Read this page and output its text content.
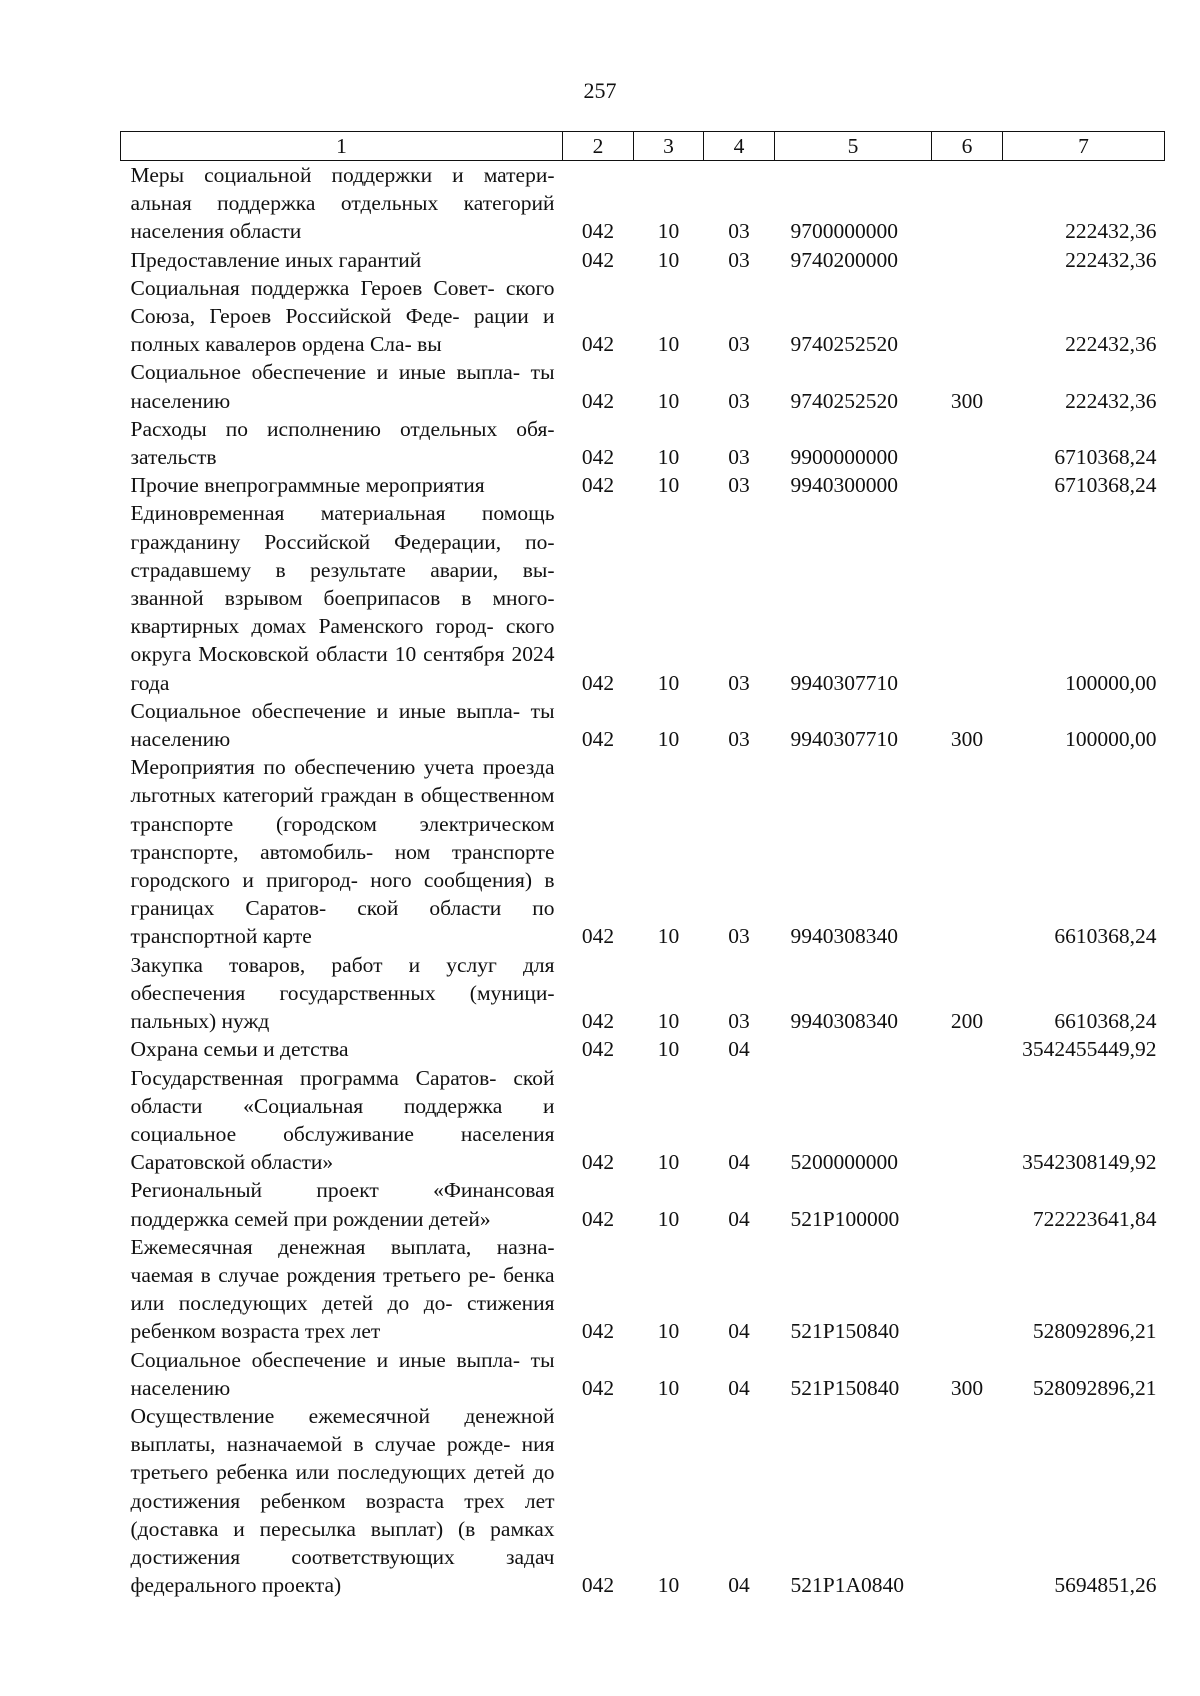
257
1	2	3	4	5	6	7
Меры социальной поддержки и матери- альная поддержка отдельных категорий населения области	042	10	03	9700000000		222432,36
Предоставление иных гарантий	042	10	03	9740200000		222432,36
Социальная поддержка Героев Совет- ского Союза, Героев Российской Феде- рации и полных кавалеров ордена Сла- вы	042	10	03	9740252520		222432,36
Социальное обеспечение и иные выпла- ты населению	042	10	03	9740252520	300	222432,36
Расходы по исполнению отдельных обя- зательств	042	10	03	9900000000		6710368,24
Прочие внепрограммные мероприятия	042	10	03	9940300000		6710368,24
Единовременная материальная помощь гражданину Российской Федерации, по- страдавшему в результате аварии, вы- званной взрывом боеприпасов в много- квартирных домах Раменского город- ского округа Московской области 10 сентября 2024 года	042	10	03	9940307710		100000,00
Социальное обеспечение и иные выпла- ты населению	042	10	03	9940307710	300	100000,00
Мероприятия по обеспечению учета проезда льготных категорий граждан в общественном транспорте (городском электрическом транспорте, автомобиль- ном транспорте городского и пригород- ного сообщения) в границах Саратов- ской области по транспортной карте	042	10	03	9940308340		6610368,24
Закупка товаров, работ и услуг для обеспечения государственных (муници- пальных) нужд	042	10	03	9940308340	200	6610368,24
Охрана семьи и детства	042	10	04			3542455449,92
Государственная программа Саратов- ской области «Социальная поддержка и социальное обслуживание населения Саратовской области»	042	10	04	5200000000		3542308149,92
Региональный проект «Финансовая поддержка семей при рождении детей»	042	10	04	521P100000		722223641,84
Ежемесячная денежная выплата, назна- чаемая в случае рождения третьего ре- бенка или последующих детей до до- стижения ребенком возраста трех лет	042	10	04	521P150840		528092896,21
Социальное обеспечение и иные выпла- ты населению	042	10	04	521P150840	300	528092896,21
Осуществление ежемесячной денежной выплаты, назначаемой в случае рожде- ния третьего ребенка или последующих детей до достижения ребенком возраста трех лет (доставка и пересылка выплат) (в рамках достижения соответствующих задач федерального проекта)	042	10	04	521P1A0840		5694851,26
